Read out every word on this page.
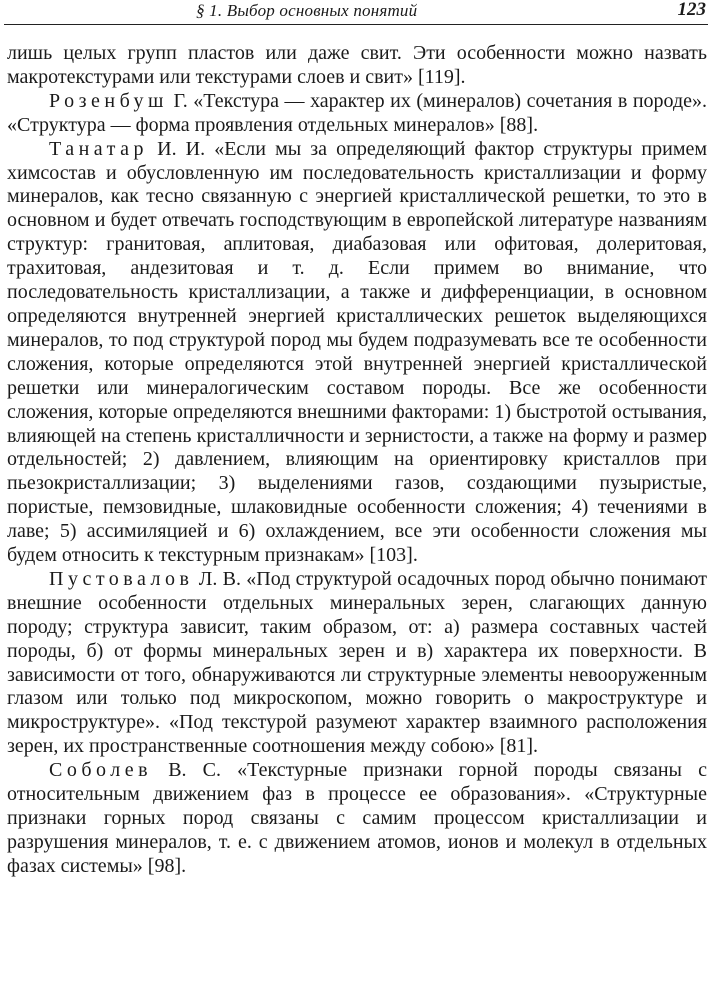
§ 1. Выбор основных понятий	123

лишь целых групп пластов или даже свит. Эти особенности можно назвать макротекстурами или текстурами слоев и свит» [119].

Розенбуш Г. «Текстура — характер их (минералов) сочетания в породе». «Структура — форма проявления отдельных минералов» [88].

Танатар И. И. «Если мы за определяющий фактор структуры примем химсостав и обусловленную им последовательность кристаллизации и форму минералов, как тесно связанную с энергией кристаллической решетки, то это в основном и будет отвечать господствующим в европейской литературе названиям структур: гранитовая, аплитовая, диабазовая или офитовая, долеритовая, трахитовая, андезитовая и т. д. Если примем во внимание, что последовательность кристаллизации, а также и дифференциации, в основном определяются внутренней энергией кристаллических решеток выделяющихся минералов, то под структурой пород мы будем подразумевать все те особенности сложения, которые определяются этой внутренней энергией кристаллической решетки или минералогическим составом породы. Все же особенности сложения, которые определяются внешними факторами: 1) быстротой остывания, влияющей на степень кристалличности и зернистости, а также на форму и размер отдельностей; 2) давлением, влияющим на ориентировку кристаллов при пьезокристаллизации; 3) выделениями газов, создающими пузыристые, пористые, пемзовидные, шлаковидные особенности сложения; 4) течениями в лаве; 5) ассимиляцией и 6) охлаждением, все эти особенности сложения мы будем относить к текстурным признакам» [103].

Пустовалов Л. В. «Под структурой осадочных пород обычно понимают внешние особенности отдельных минеральных зерен, слагающих данную породу; структура зависит, таким образом, от: а) размера составных частей породы, б) от формы минеральных зерен и в) характера их поверхности. В зависимости от того, обнаруживаются ли структурные элементы невооруженным глазом или только под микроскопом, можно говорить о макроструктуре и микроструктуре». «Под текстурой разумеют характер взаимного расположения зерен, их пространственные соотношения между собою» [81].

Соболев В. С. «Текстурные признаки горной породы связаны с относительным движением фаз в процессе ее образования». «Структурные признаки горных пород связаны с самим процессом кристаллизации и разрушения минералов, т. е. с движением атомов, ионов и молекул в отдельных фазах системы» [98].
